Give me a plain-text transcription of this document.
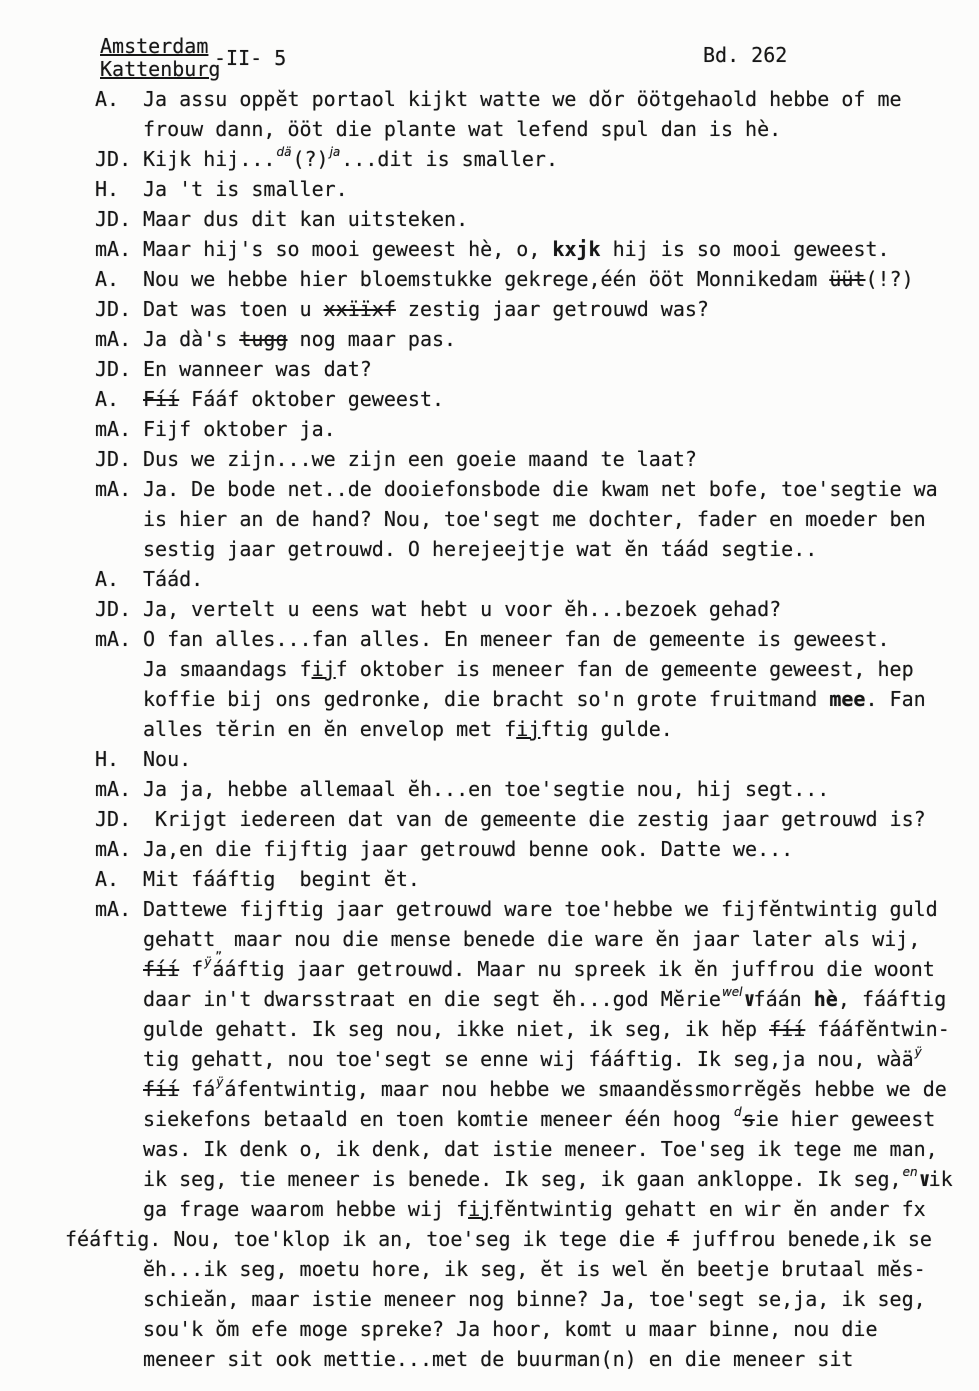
Amsterdam
Kattenburg
-II- 5	Bd. 262
A.	Ja assu oppĕt portaol kijkt watte we dŏr öötgehaold hebbe of me
frouw dann, ööt die plante wat lefend spul dan is hè.
JD. Kijk hij...$^{dä}$(?)$^{ja}$...dit is smaller.
H.	Ja 't is smaller.
JD. Maar dus dit kan uitsteken.
mA. Maar hij's so mooi geweest hè, o, kxjk hij is so mooi geweest.
A.	Nou we hebbe hier bloemstukke gekrege,één ööt Monnikedam üüt(!?)
JD. Dat was toen u xxïïxf zestig jaar getrouwd was?
mA. Ja dà's tugg nog maar pas.
JD. En wanneer was dat?
A.	Fíí Fááf oktober geweest.
mA. Fijf oktober ja.
JD. Dus we zijn...we zijn een goeie maand te laat?
mA. Ja. De bode net..de dooiefonsbode die kwam net bofe, toe'segtie wa
is hier an de hand? Nou, toe'segt me dochter, fader en moeder ben
sestig jaar getrouwd. O herejeejtje wat ĕn táád segtie..
A.	Táád.
JD. Ja, vertelt u eens wat hebt u voor ĕh...bezoek gehad?
mA. O fan alles...fan alles. En meneer fan de gemeente is geweest.
Ja smaandags fijf oktober is meneer fan de gemeente geweest, hep
koffie bij ons gedronke, die bracht so'n grote fruitmand mee. Fan
alles tĕrin en ĕn envelop met fijftig gulde.
H.	Nou.
mA. Ja ja, hebbe allemaal ĕh...en toe'segtie nou, hij segt...
JD. Krijgt iedereen dat van de gemeente die zestig jaar getrouwd is?
mA. Ja,en die fijftig jaar getrouwd benne ook. Datte we...
A.	Mit fááftig  begint ĕt.
mA. Dattewe fijftig jaar getrouwd ware toe'hebbe we fijfĕntwintig guld
gehatt$_„$ maar nou die mense benede die ware ĕn jaar later als wij,
fíí $f^ÿááftig$ jaar getrouwd. Maar nu spreek ik ĕn juffrou die woont
daar in't dwarsstraat en die segt ĕh...god Mĕrie$^{wel}$∨fáán hè, fááftig
gulde gehatt. Ik seg nou, ikke niet, ik seg, ik hĕp fíí fááfĕntwin-
tig gehatt, nou toe'segt se enne wij fááftig. Ik seg,ja nou, wàä$^ÿ$
fíí $fá^ÿáfentwintig$, maar nou hebbe we smaandĕssmorrĕgĕs hebbe we de
siekefons betaald en toen komtie meneer één hoog $^d$sie hier geweest
was. Ik denk o, ik denk, dat istie meneer. Toe'seg ik tege me man,
ik seg, tie meneer is benede. Ik seg, ik gaan ankloppe. Ik seg,$^{en}$∨ik
ga frage waarom hebbe wij fijfĕntwintig gehatt en wir ĕn ander fx
féáftig. Nou, toe'klop ik an, toe'seg ik tege die f juffrou benede,ik se
ĕh...ik seg, moetu hore, ik seg, ĕt is wel ĕn beetje brutaal mĕs-
schieăn, maar istie meneer nog binne? Ja, toe'segt se,ja, ik seg,
sou'k ŏm efe moge spreke? Ja hoor, komt u maar binne, nou die
meneer sit ook mettie...met de buurman(n) en die meneer sit
